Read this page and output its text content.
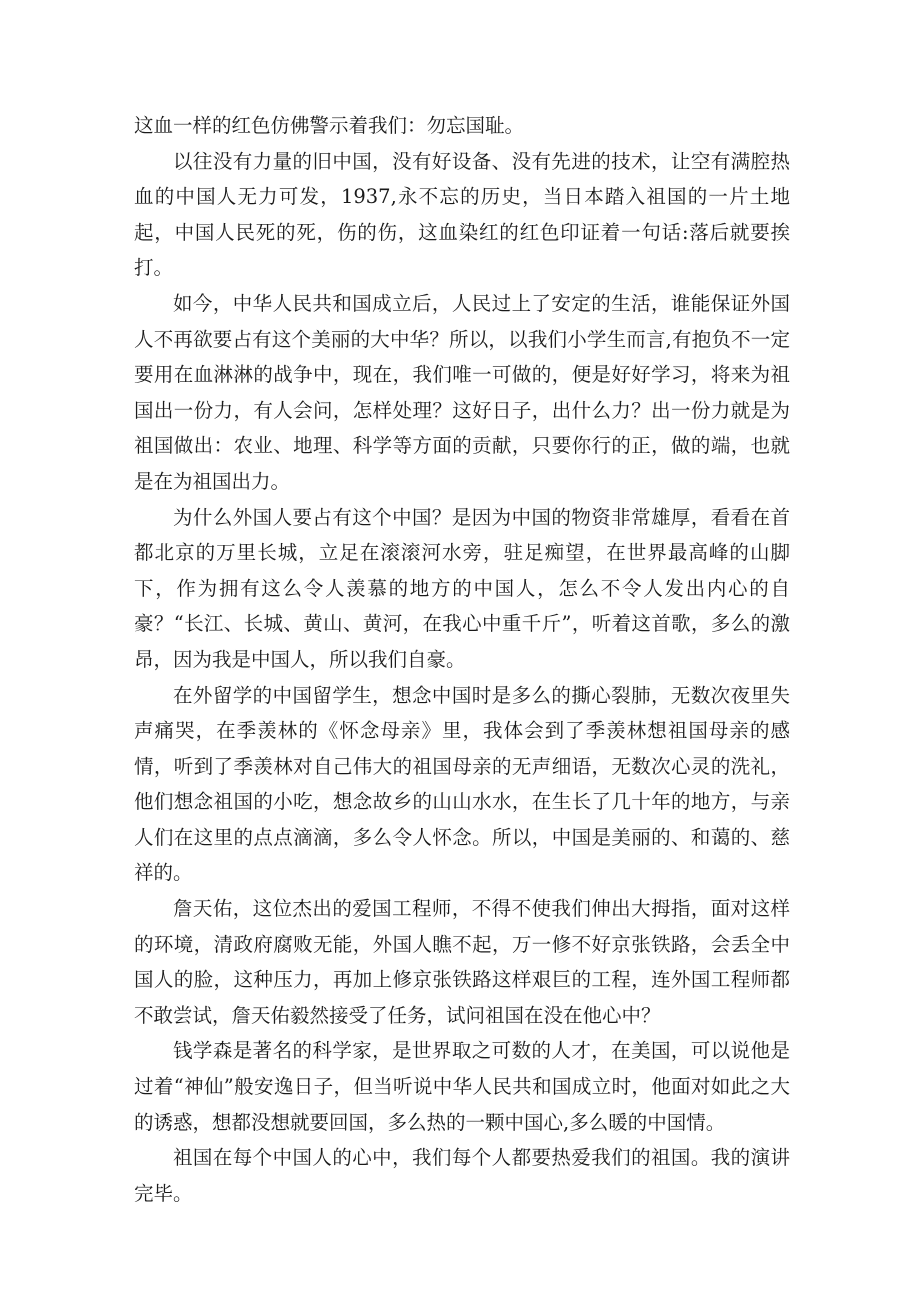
这血一样的红色仿佛警示着我们：勿忘国耻。

以往没有力量的旧中国，没有好设备、没有先进的技术，让空有满腔热血的中国人无力可发，1937,永不忘的历史，当日本踏入祖国的一片土地起，中国人民死的死，伤的伤，这血染红的红色印证着一句话:落后就要挨打。

如今，中华人民共和国成立后，人民过上了安定的生活，谁能保证外国人不再欲要占有这个美丽的大中华？所以，以我们小学生而言,有抱负不一定要用在血淋淋的战争中，现在，我们唯一可做的，便是好好学习，将来为祖国出一份力，有人会问，怎样处理？这好日子，出什么力？出一份力就是为祖国做出：农业、地理、科学等方面的贡献，只要你行的正，做的端，也就是在为祖国出力。

为什么外国人要占有这个中国？是因为中国的物资非常雄厚，看看在首都北京的万里长城，立足在滚滚河水旁，驻足痴望，在世界最高峰的山脚下，作为拥有这么令人羡慕的地方的中国人，怎么不令人发出内心的自豪？“长江、长城、黄山、黄河，在我心中重千斤”，听着这首歌，多么的激昂，因为我是中国人，所以我们自豪。

在外留学的中国留学生，想念中国时是多么的撕心裂肺，无数次夜里失声痛哭，在季羡林的《怀念母亲》里，我体会到了季羡林想祖国母亲的感情，听到了季羡林对自己伟大的祖国母亲的无声细语，无数次心灵的洗礼，他们想念祖国的小吃，想念故乡的山山水水，在生长了几十年的地方，与亲人们在这里的点点滴滴，多么令人怀念。所以，中国是美丽的、和蔼的、慈祥的。

詹天佑，这位杰出的爱国工程师，不得不使我们伸出大拇指，面对这样的环境，清政府腐败无能，外国人瞧不起，万一修不好京张铁路，会丢全中国人的脸，这种压力，再加上修京张铁路这样艰巨的工程，连外国工程师都不敢尝试，詹天佑毅然接受了任务，试问祖国在没在他心中？

钱学森是著名的科学家，是世界取之可数的人才，在美国，可以说他是过着“神仙”般安逸日子，但当听说中华人民共和国成立时，他面对如此之大的诱惑，想都没想就要回国，多么热的一颗中国心,多么暖的中国情。

祖国在每个中国人的心中，我们每个人都要热爱我们的祖国。我的演讲完毕。
